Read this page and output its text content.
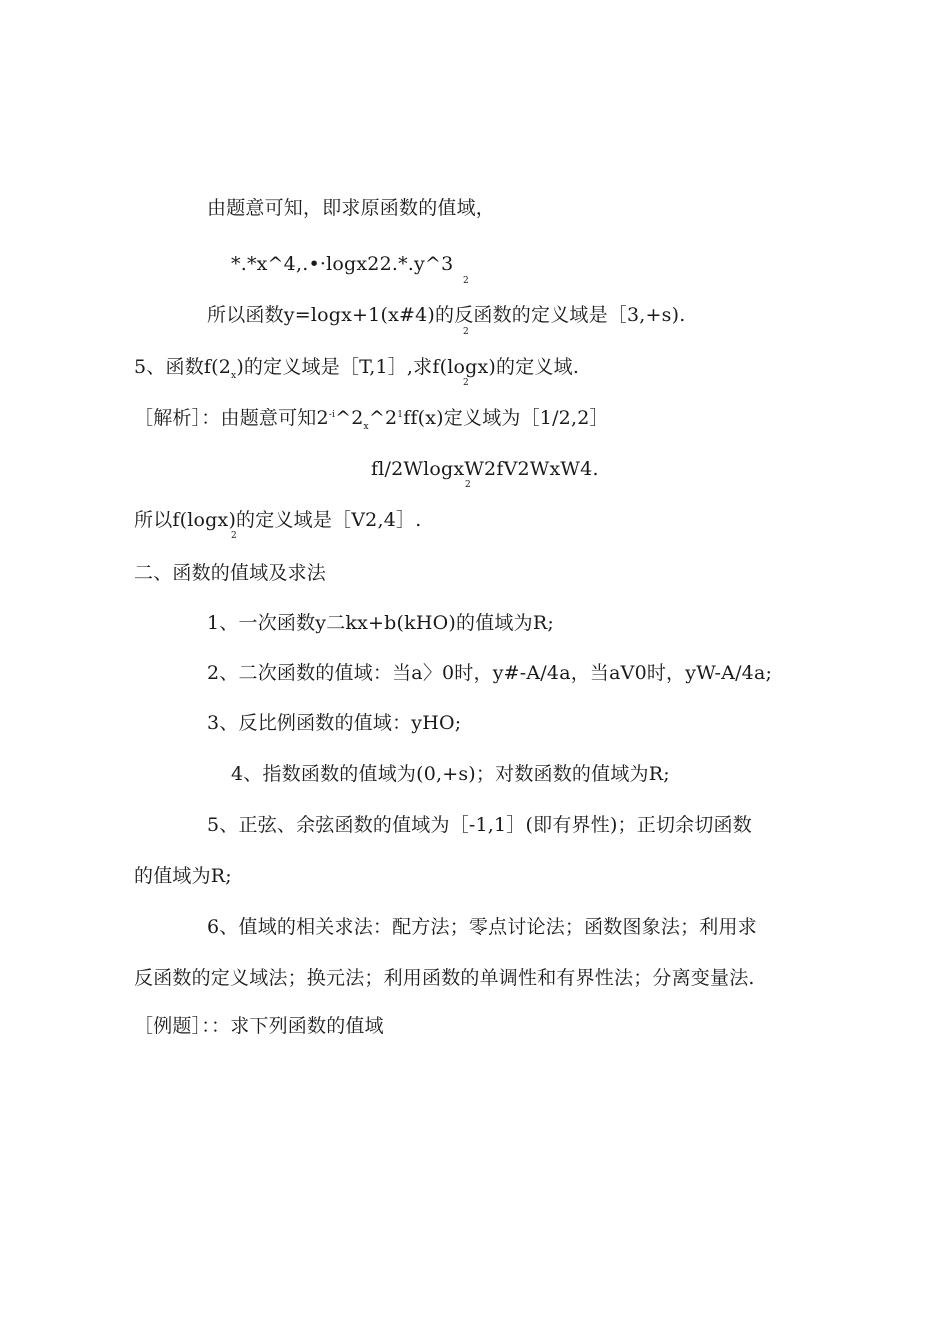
由题意可知，即求原函数的值域，
*.*x^4,.•·logx22.*.y^3
2
所以函数y=logx+1(x#4)的反函数的定义域是［3,+s).
2
5、函数$f(2_x)$的定义域是［T,1］,求f(logx)的定义域.
2
［解析］：由题意可知$2^{-i}\^{}2_x\^{}2^1ff(x)$定义域为［1/2,2］
fl/2WlogxW2fV2WxW4.
2
所以f(logx)的定义域是［V2,4］.
2
二、函数的值域及求法
1、一次函数y二kx+b(kHO)的值域为R;
2、二次函数的值域：当a〉0时，y#-A/4a，当aV0时，yW-A/4a;
3、反比例函数的值域：yHO;
4、指数函数的值域为(0,+s)；对数函数的值域为R;
5、正弦、余弦函数的值域为［-1,1］(即有界性)；正切余切函数
的值域为R;
6、值域的相关求法：配方法；零点讨论法；函数图象法；利用求
反函数的定义域法；换元法；利用函数的单调性和有界性法；分离变量法.
［例题］：：求下列函数的值域
